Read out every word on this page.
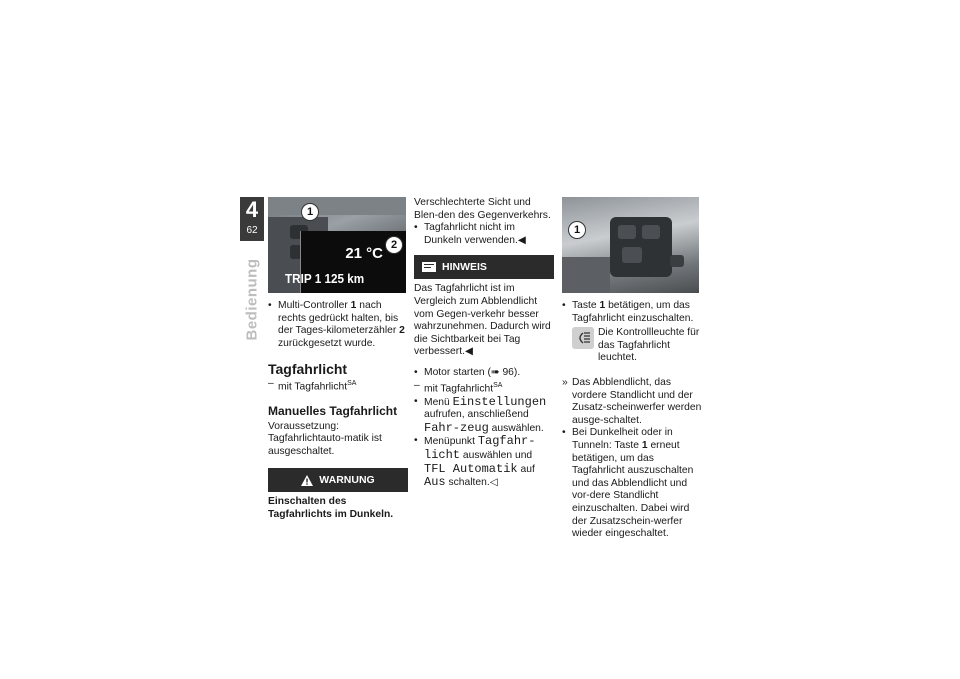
4
62
Bedienung
21 °C
TRIP 1 125 km
1
2

• Multi-Controller 1 nach rechts gedrückt halten, bis der Tages-kilometerzähler 2 zurückgesetzt wurde.

Tagfahrlicht

– mit Tagfahrlicht$^{SA}$

Manuelles Tagfahrlicht

Voraussetzung: Tagfahrlichtauto-matik ist ausgeschaltet.

WARNUNG

Einschalten des Tagfahrlichts im Dunkeln.

Verschlechterte Sicht und Blen-den des Gegenverkehrs.

• Tagfahrlicht nicht im Dunkeln verwenden.◀

HINWEIS

Das Tagfahrlicht ist im Vergleich zum Abblendlicht vom Gegen-verkehr besser wahrzunehmen. Dadurch wird die Sichtbarkeit bei Tag verbessert.◀

• Motor starten (➠ 96).

– mit Tagfahrlicht$^{SA}$

• Menü Einstellungen aufrufen, anschließend Fahr-zeug auswählen.

• Menüpunkt Tagfahr-licht auswählen und TFL Automatik auf Aus schalten.◁

1

• Taste 1 betätigen, um das Tagfahrlicht einzuschalten.

Die Kontrollleuchte für das Tagfahrlicht leuchtet.

» Das Abblendlicht, das vordere Standlicht und der Zusatz-scheinwerfer werden ausge-schaltet.

• Bei Dunkelheit oder in Tunneln: Taste 1 erneut betätigen, um das Tagfahrlicht auszuschalten und das Abblendlicht und vor-dere Standlicht einzuschalten. Dabei wird der Zusatzschein-werfer wieder eingeschaltet.
